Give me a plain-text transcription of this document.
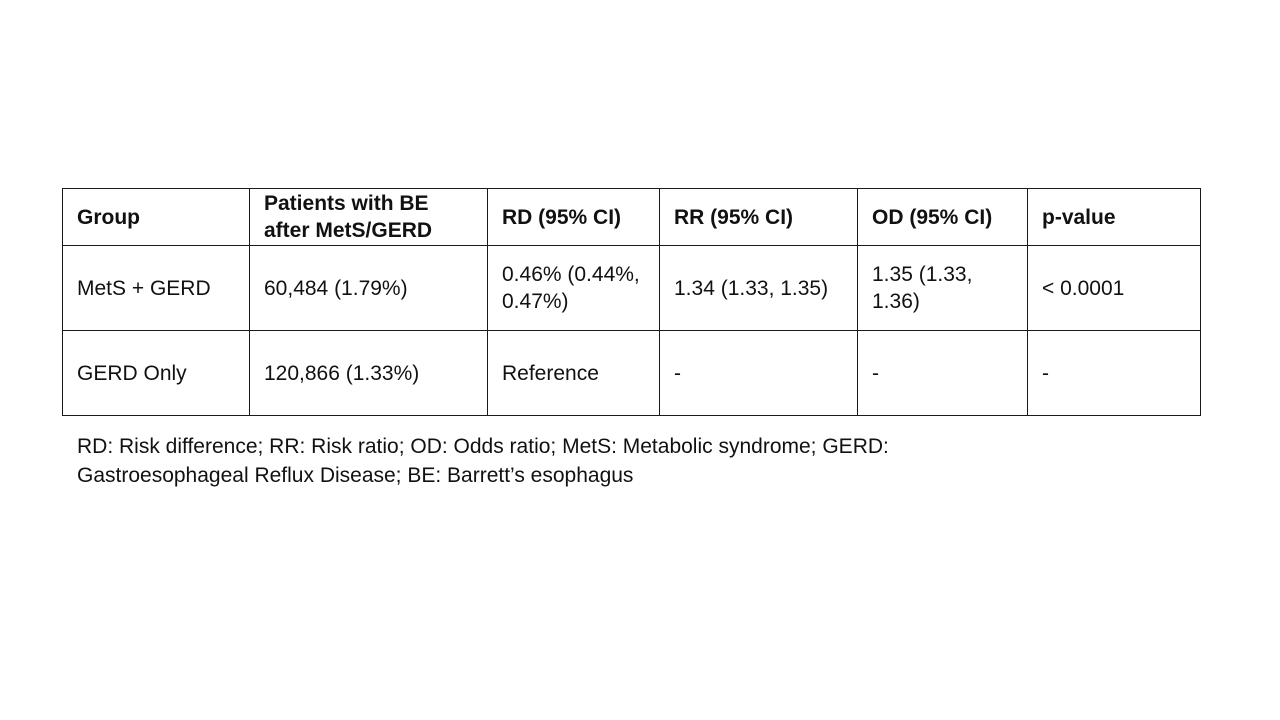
Group	Patients with BE after MetS/GERD	RD (95% CI)	RR (95% CI)	OD (95% CI)	p-value
MetS + GERD	60,484 (1.79%)	0.46% (0.44%, 0.47%)	1.34 (1.33, 1.35)	1.35 (1.33, 1.36)	< 0.0001
GERD Only	120,866 (1.33%)	Reference	-	-	-

RD: Risk difference; RR: Risk ratio; OD: Odds ratio; MetS: Metabolic syndrome; GERD:
Gastroesophageal Reflux Disease; BE: Barrett’s esophagus
